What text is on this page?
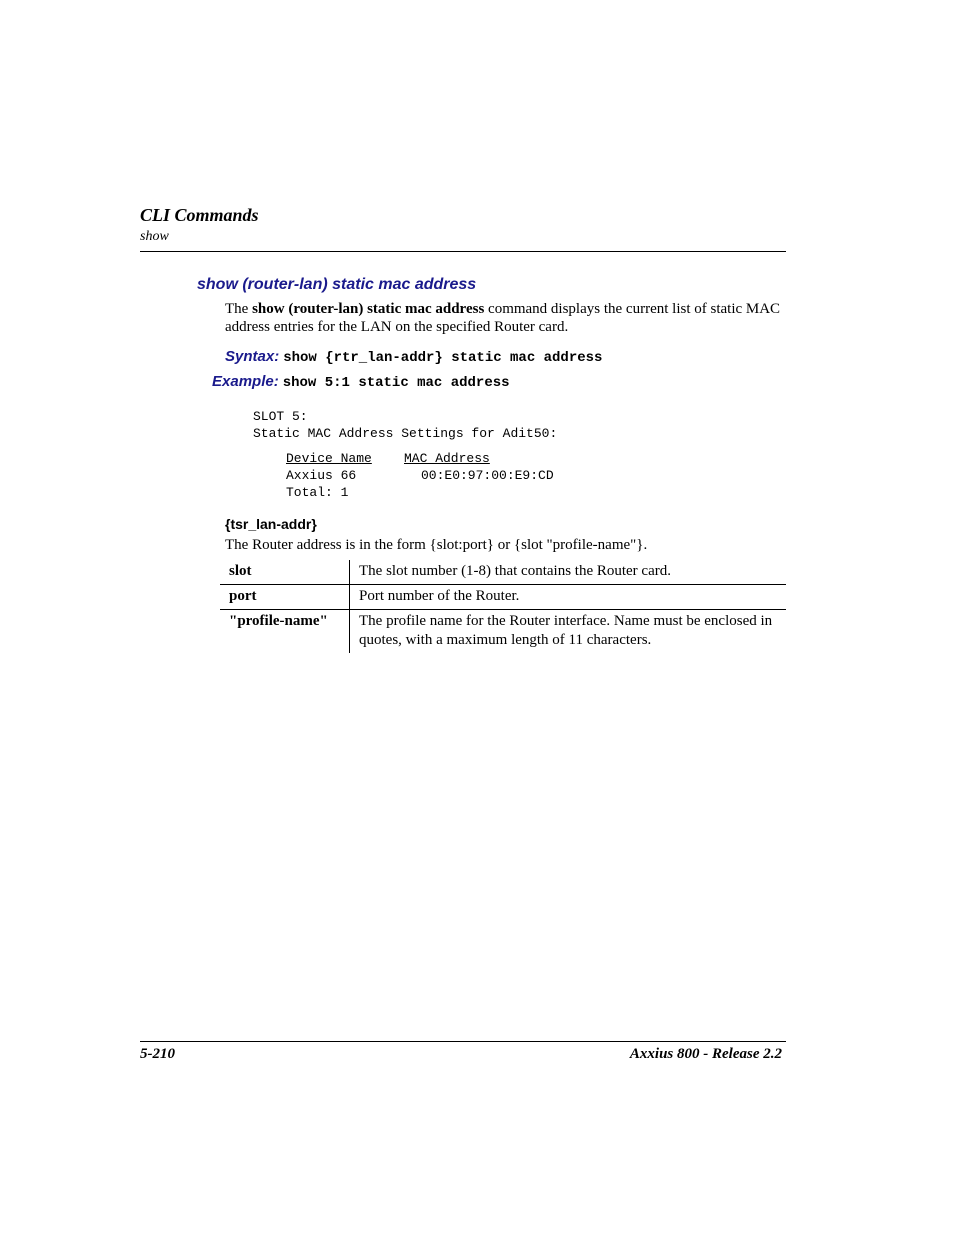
CLI Commands
show
show (router-lan) static mac address
The show (router-lan) static mac address command displays the current list of static MAC address entries for the LAN on the specified Router card.
Syntax: show {rtr_lan-addr} static mac address
Example: show 5:1 static mac address
SLOT 5:
Static MAC Address Settings for Adit50:
Device Name MAC Address
Axxius 66	00:E0:97:00:E9:CD
Total: 1
{tsr_lan-addr}
The Router address is in the form {slot:port} or {slot "profile-name"}.
slot	The slot number (1-8) that contains the Router card.
port	Port number of the Router.
"profile-name"	The profile name for the Router interface. Name must be enclosed in quotes, with a maximum length of 11 characters.
5-210	Axxius 800 - Release 2.2
